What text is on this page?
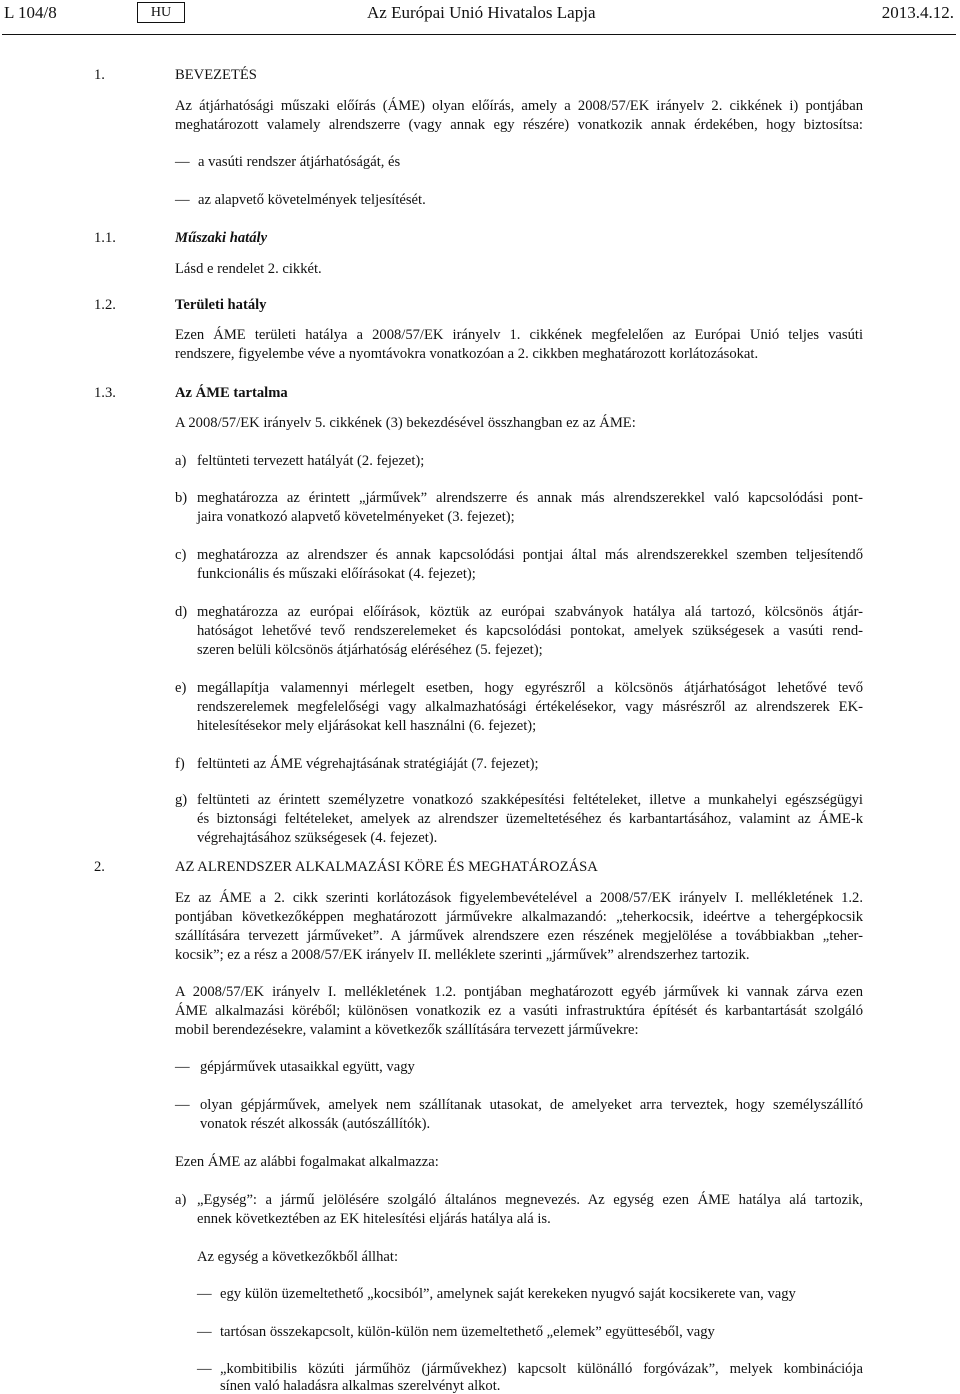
L 104/8	HU	Az Európai Unió Hivatalos Lapja	2013.4.12.
1.	BEVEZETÉS
Az átjárhatósági műszaki előírás (ÁME) olyan előírás, amely a 2008/57/EK irányelv 2. cikkének i) pontjában
meghatározott valamely alrendszerre (vagy annak egy részére) vonatkozik annak érdekében, hogy biztosítsa:
— a vasúti rendszer átjárhatóságát, és
— az alapvető követelmények teljesítését.
1.1.	Műszaki hatály
Lásd e rendelet 2. cikkét.
1.2.	Területi hatály
Ezen ÁME területi hatálya a 2008/57/EK irányelv 1. cikkének megfelelően az Európai Unió teljes vasúti
rendszere, figyelembe véve a nyomtávokra vonatkozóan a 2. cikkben meghatározott korlátozásokat.
1.3.	Az ÁME tartalma
A 2008/57/EK irányelv 5. cikkének (3) bekezdésével összhangban ez az ÁME:
a) feltünteti tervezett hatályát (2. fejezet);
b) meghatározza az érintett „járművek” alrendszerre és annak más alrendszerekkel való kapcsolódási pont-
jaira vonatkozó alapvető követelményeket (3. fejezet);
c) meghatározza az alrendszer és annak kapcsolódási pontjai által más alrendszerekkel szemben teljesítendő
funkcionális és műszaki előírásokat (4. fejezet);
d) meghatározza az európai előírások, köztük az európai szabványok hatálya alá tartozó, kölcsönös átjár-
hatóságot lehetővé tevő rendszerelemeket és kapcsolódási pontokat, amelyek szükségesek a vasúti rend-
szeren belüli kölcsönös átjárhatóság eléréséhez (5. fejezet);
e) megállapítja valamennyi mérlegelt esetben, hogy egyrészről a kölcsönös átjárhatóságot lehetővé tevő
rendszerelemek megfelelőségi vagy alkalmazhatósági értékelésekor, vagy másrészről az alrendszerek EK-
hitelesítésekor mely eljárásokat kell használni (6. fejezet);
f) feltünteti az ÁME végrehajtásának stratégiáját (7. fejezet);
g) feltünteti az érintett személyzetre vonatkozó szakképesítési feltételeket, illetve a munkahelyi egészségügyi
és biztonsági feltételeket, amelyek az alrendszer üzemeltetéséhez és karbantartásához, valamint az ÁME-k
végrehajtásához szükségesek (4. fejezet).
2.	AZ ALRENDSZER ALKALMAZÁSI KÖRE ÉS MEGHATÁROZÁSA
Ez az ÁME a 2. cikk szerinti korlátozások figyelembevételével a 2008/57/EK irányelv I. mellékletének 1.2.
pontjában következőképpen meghatározott járművekre alkalmazandó: „teherkocsik, ideértve a tehergépkocsik
szállítására tervezett járműveket”. A járművek alrendszere ezen részének megjelölése a továbbiakban „teher-
kocsik”; ez a rész a 2008/57/EK irányelv II. melléklete szerinti „járművek” alrendszerhez tartozik.
A 2008/57/EK irányelv I. mellékletének 1.2. pontjában meghatározott egyéb járművek ki vannak zárva ezen
ÁME alkalmazási köréből; különösen vonatkozik ez a vasúti infrastruktúra építését és karbantartását szolgáló
mobil berendezésekre, valamint a következők szállítására tervezett járművekre:
— gépjárművek utasaikkal együtt, vagy
— olyan gépjárművek, amelyek nem szállítanak utasokat, de amelyeket arra terveztek, hogy személyszállító
vonatok részét alkossák (autószállítók).
Ezen ÁME az alábbi fogalmakat alkalmazza:
a) „Egység”: a jármű jelölésére szolgáló általános megnevezés. Az egység ezen ÁME hatálya alá tartozik,
ennek következtében az EK hitelesítési eljárás hatálya alá is.
Az egység a következőkből állhat:
— egy külön üzemeltethető „kocsiból”, amelynek saját kerekeken nyugvó saját kocsikerete van, vagy
— tartósan összekapcsolt, külön-külön nem üzemeltethető „elemek” együtteséből, vagy
— „kombitibilis közúti járműhöz (járművekhez) kapcsolt különálló forgóvázak”, melyek kombinációja
sínen való haladásra alkalmas szerelvényt alkot.
